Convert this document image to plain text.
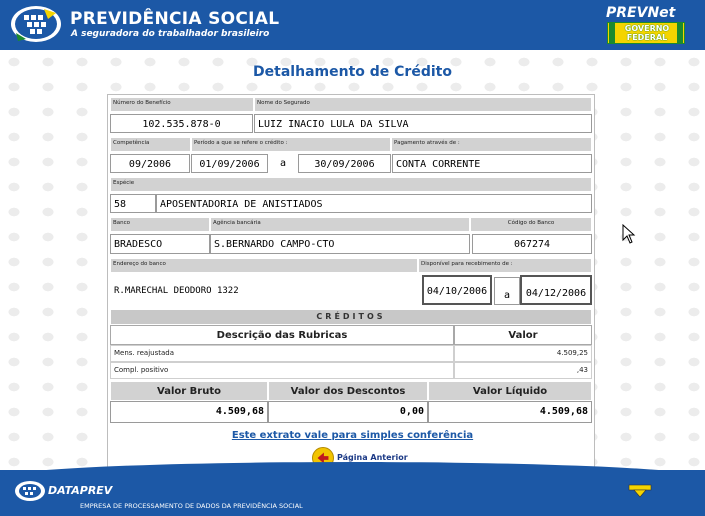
PREVIDÊNCIA SOCIAL
A seguradora do trabalhador brasileiro
PREVNet
GOVERNO
FEDERAL
Detalhamento de Crédito
Número do Benefício	Nome do Segurado
102.535.878-0	LUIZ INACIO LULA DA SILVA
Competência	Período a que se refere o crédito :	Pagamento através de :
09/2006	01/09/2006	a	30/09/2006	CONTA CORRENTE
Espécie
58	APOSENTADORIA DE ANISTIADOS
Banco	Agência bancária	Código do Banco
BRADESCO	S.BERNARDO CAMPO-CTO	067274
Endereço do banco	Disponível para recebimento de :
R.MARECHAL DEODORO 1322	04/10/2006	a	04/12/2006
CRÉDITOS
Descrição das Rubricas	Valor
Mens. reajustada	4.509,25
Compl. positivo	,43
Valor Bruto	Valor dos Descontos	Valor Líquido
4.509,68	0,00	4.509,68
Este extrato vale para simples conferência
Página Anterior
DATAPREV
EMPRESA DE PROCESSAMENTO DE DADOS DA PREVIDÊNCIA SOCIAL
